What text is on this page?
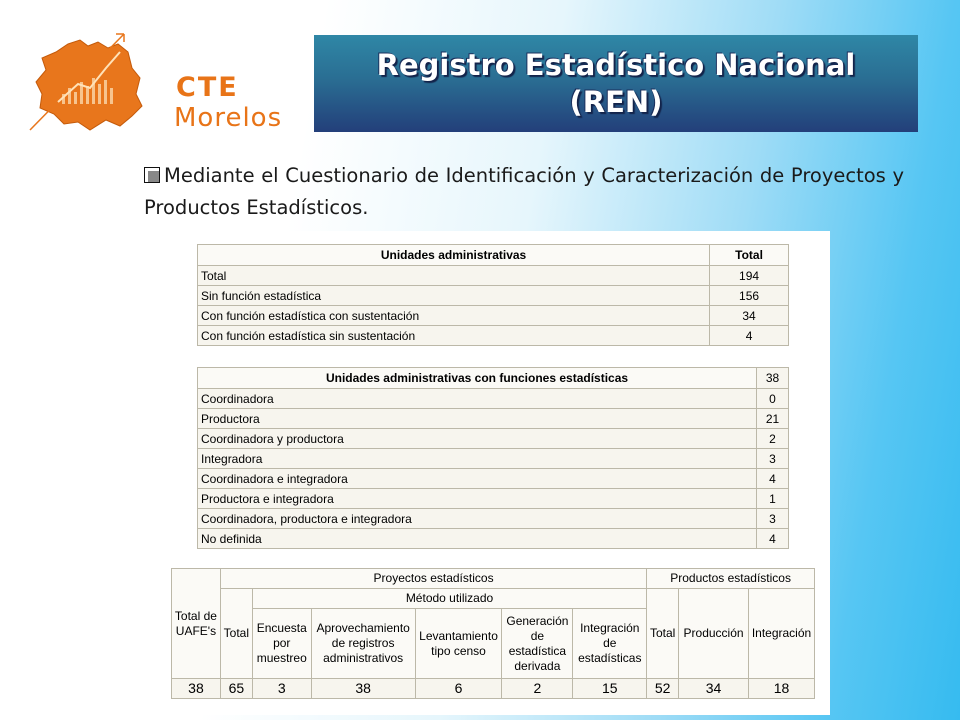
CTE
Morelos
Registro Estadístico Nacional
(REN)
Mediante el Cuestionario de Identificación y Caracterización de Proyectos y Productos Estadísticos.
Unidades administrativas	Total
Total	194
Sin función estadística	156
Con función estadística con sustentación	34
Con función estadística sin sustentación	4
Unidades administrativas con funciones estadísticas	38
Coordinadora	0
Productora	21
Coordinadora y productora	2
Integradora	3
Coordinadora e integradora	4
Productora e integradora	1
Coordinadora, productora e integradora	3
No definida	4
Total de UAFE's	Proyectos estadísticos						Productos estadísticos		
	Total	Método utilizado					Total	Producción	Integración
		Encuesta por muestreo	Aprovechamiento de registros administrativos	Levantamiento tipo censo	Generación de estadística derivada	Integración de estadísticas			

38	65	3	38	6	2	15	52	34	18
